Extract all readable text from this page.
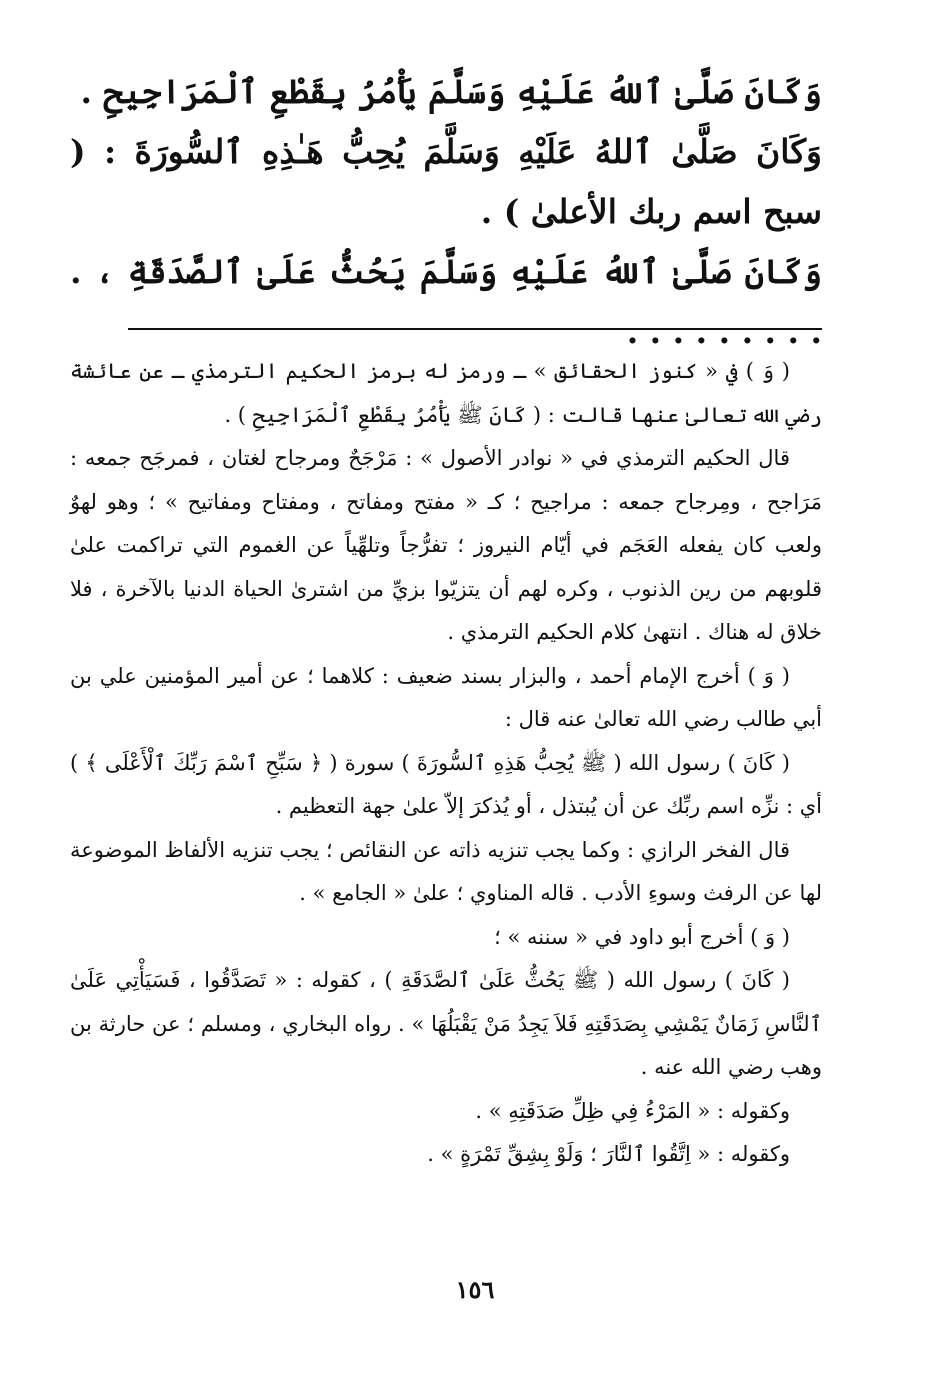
وَكَانَ صَلَّىٰ ٱللهُ عَلَيْهِ وَسَلَّمَ يَأْمُرُ بِقَطْعِ ٱلْمَرَاجِيحِ .

وَكَانَ صَلَّىٰ ٱللهُ عَلَيْهِ وَسَلَّمَ يُحِبُّ هَـٰذِهِ ٱلسُّورَةَ : ( سبح اسم ربك الأعلىٰ ) .

وَكَانَ صَلَّىٰ ٱللهُ عَلَيْهِ وَسَلَّمَ يَحُثُّ عَلَىٰ ٱلصَّدَقَةِ ، . . . . . . . . . .

( وَ ) في « كنوز الحقائق » ـ ورمز له برمز الحكيم الترمذي ـ عن عائشة رضي الله تعالىٰ عنها قالت : ( كَانَ ﷺ يَأْمُرُ بِقَطْعِ ٱلْمَرَاجِيحِ ) .

قال الحكيم الترمذي في « نوادر الأصول » : مَرْجَحٌ ومرجاح لغتان ، فمرجَح جمعه : مَرَاجح ، ومِرجاح جمعه : مراجيح ؛ كـ « مفتح ومفاتح ، ومفتاح ومفاتيح » ؛ وهو لهوٌ ولعب كان يفعله العَجَم في أيّام النيروز ؛ تفرُّجاً وتلهِّياً عن الغموم التي تراكمت علىٰ قلوبهم من رين الذنوب ، وكره لهم أن يتزيّوا بزيِّ من اشترىٰ الحياة الدنيا بالآخرة ، فلا خلاق له هناك . انتهىٰ كلام الحكيم الترمذي .

( وَ ) أخرج الإمام أحمد ، والبزار بسند ضعيف : كلاهما ؛ عن أمير المؤمنين علي بن أبي طالب رضي الله تعالىٰ عنه قال :

( كَانَ ) رسول الله ( ﷺ يُحِبُّ هَذِهِ ٱلسُّورَةَ ) سورة ( ﴿ سَبِّحِ ٱسْمَ رَبِّكَ ٱلْأَعْلَى ﴾ ) أي : نزِّه اسم ربِّك عن أن يُبتذل ، أو يُذكرَ إلاّ علىٰ جهة التعظيم .

قال الفخر الرازي : وكما يجب تنزيه ذاته عن النقائص ؛ يجب تنزيه الألفاظ الموضوعة لها عن الرفث وسوءِ الأدب . قاله المناوي ؛ علىٰ « الجامع » .

( وَ ) أخرج أبو داود في « سننه » ؛

( كَانَ ) رسول الله ( ﷺ يَحُثُّ عَلَىٰ ٱلصَّدَقَةِ ) ، كقوله : « تَصَدَّقُوا ، فَسَيَأْتِي عَلَىٰ ٱلنَّاسِ زَمَانٌ يَمْشِي بِصَدَقَتِهِ فَلاَ يَجِدُ مَنْ يَقْبَلُهَا » . رواه البخاري ، ومسلم ؛ عن حارثة بن وهب رضي الله عنه .

وكقوله : « المَرْءُ فِي ظِلِّ صَدَقَتِهِ » .

وكقوله : « اِتَّقُوا ٱلنَّارَ ؛ وَلَوْ بِشِقِّ تَمْرَةٍ » .

١٥٦
